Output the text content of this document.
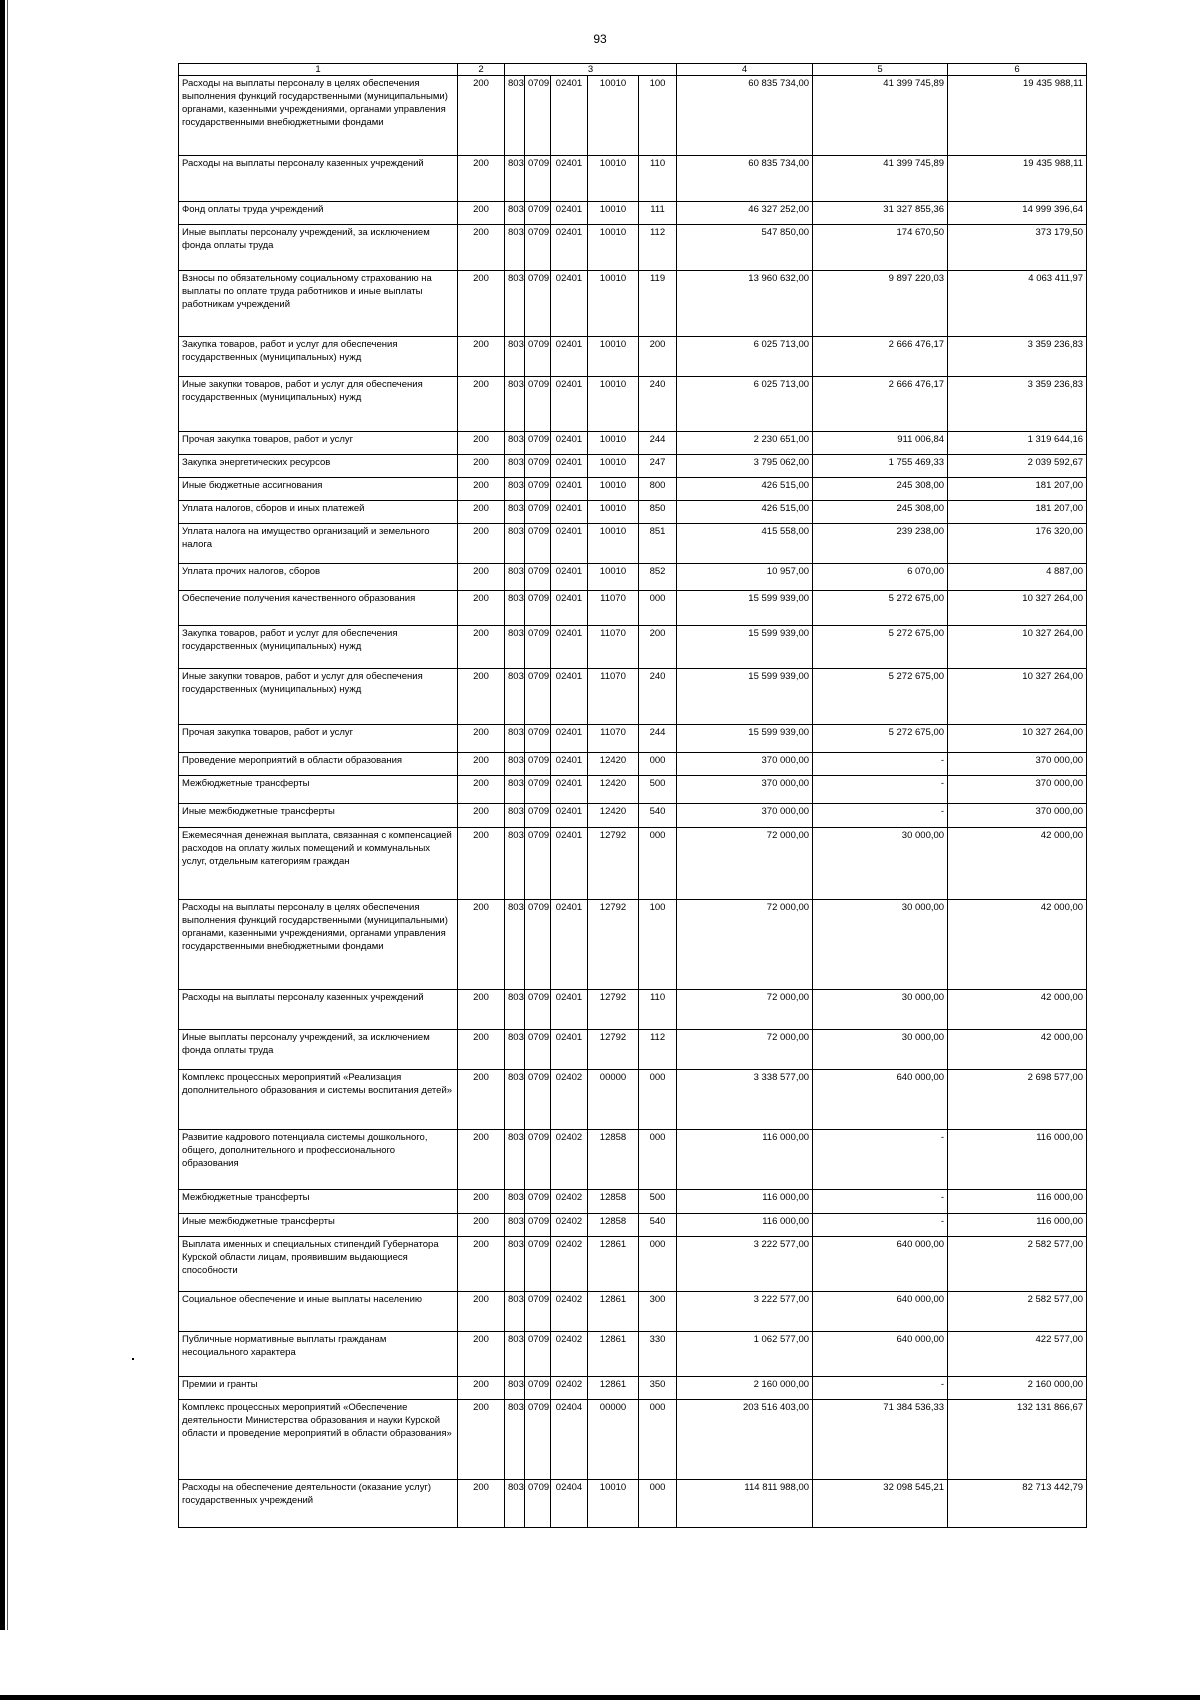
93
1	2	3					4	5	6
Расходы на выплаты персоналу в целях обеспечения выполнения функций государственными (муниципальными) органами, казенными учреждениями, органами управления государственными внебюджетными фондами	200	803	0709	02401	10010	100	60 835 734,00	41 399 745,89	19 435 988,11
Расходы на выплаты персоналу казенных учреждений	200	803	0709	02401	10010	110	60 835 734,00	41 399 745,89	19 435 988,11
Фонд оплаты труда учреждений	200	803	0709	02401	10010	111	46 327 252,00	31 327 855,36	14 999 396,64
Иные выплаты персоналу учреждений, за исключением фонда оплаты труда	200	803	0709	02401	10010	112	547 850,00	174 670,50	373 179,50
Взносы по обязательному социальному страхованию на выплаты по оплате труда работников и иные выплаты работникам учреждений	200	803	0709	02401	10010	119	13 960 632,00	9 897 220,03	4 063 411,97
Закупка товаров, работ и услуг для обеспечения государственных (муниципальных) нужд	200	803	0709	02401	10010	200	6 025 713,00	2 666 476,17	3 359 236,83
Иные закупки товаров, работ и услуг для обеспечения государственных (муниципальных) нужд	200	803	0709	02401	10010	240	6 025 713,00	2 666 476,17	3 359 236,83
Прочая закупка товаров, работ и услуг	200	803	0709	02401	10010	244	2 230 651,00	911 006,84	1 319 644,16
Закупка энергетических ресурсов	200	803	0709	02401	10010	247	3 795 062,00	1 755 469,33	2 039 592,67
Иные бюджетные ассигнования	200	803	0709	02401	10010	800	426 515,00	245 308,00	181 207,00
Уплата налогов, сборов и иных платежей	200	803	0709	02401	10010	850	426 515,00	245 308,00	181 207,00
Уплата налога на имущество организаций и земельного налога	200	803	0709	02401	10010	851	415 558,00	239 238,00	176 320,00
Уплата прочих налогов, сборов	200	803	0709	02401	10010	852	10 957,00	6 070,00	4 887,00
Обеспечение получения качественного образования	200	803	0709	02401	11070	000	15 599 939,00	5 272 675,00	10 327 264,00
Закупка товаров, работ и услуг для обеспечения государственных (муниципальных) нужд	200	803	0709	02401	11070	200	15 599 939,00	5 272 675,00	10 327 264,00
Иные закупки товаров, работ и услуг для обеспечения государственных (муниципальных) нужд	200	803	0709	02401	11070	240	15 599 939,00	5 272 675,00	10 327 264,00
Прочая закупка товаров, работ и услуг	200	803	0709	02401	11070	244	15 599 939,00	5 272 675,00	10 327 264,00
Проведение мероприятий в области образования	200	803	0709	02401	12420	000	370 000,00	-	370 000,00
Межбюджетные трансферты	200	803	0709	02401	12420	500	370 000,00	-	370 000,00
Иные межбюджетные трансферты	200	803	0709	02401	12420	540	370 000,00	-	370 000,00
Ежемесячная денежная выплата, связанная с компенсацией расходов на оплату жилых помещений и коммунальных услуг, отдельным категориям граждан	200	803	0709	02401	12792	000	72 000,00	30 000,00	42 000,00
Расходы на выплаты персоналу в целях обеспечения выполнения функций государственными (муниципальными) органами, казенными учреждениями, органами управления государственными внебюджетными фондами	200	803	0709	02401	12792	100	72 000,00	30 000,00	42 000,00
Расходы на выплаты персоналу казенных учреждений	200	803	0709	02401	12792	110	72 000,00	30 000,00	42 000,00
Иные выплаты персоналу учреждений, за исключением фонда оплаты труда	200	803	0709	02401	12792	112	72 000,00	30 000,00	42 000,00
Комплекс процессных мероприятий «Реализация дополнительного образования и системы воспитания детей»	200	803	0709	02402	00000	000	3 338 577,00	640 000,00	2 698 577,00
Развитие кадрового потенциала системы дошкольного, общего, дополнительного и профессионального образования	200	803	0709	02402	12858	000	116 000,00	-	116 000,00
Межбюджетные трансферты	200	803	0709	02402	12858	500	116 000,00	-	116 000,00
Иные межбюджетные трансферты	200	803	0709	02402	12858	540	116 000,00	-	116 000,00
Выплата именных и специальных стипендий Губернатора Курской области лицам, проявившим выдающиеся способности	200	803	0709	02402	12861	000	3 222 577,00	640 000,00	2 582 577,00
Социальное обеспечение и иные выплаты населению	200	803	0709	02402	12861	300	3 222 577,00	640 000,00	2 582 577,00
Публичные нормативные выплаты гражданам несоциального характера	200	803	0709	02402	12861	330	1 062 577,00	640 000,00	422 577,00
Премии и гранты	200	803	0709	02402	12861	350	2 160 000,00	-	2 160 000,00
Комплекс процессных мероприятий «Обеспечение деятельности Министерства образования и науки Курской области и проведение мероприятий в области образования»	200	803	0709	02404	00000	000	203 516 403,00	71 384 536,33	132 131 866,67
Расходы на обеспечение деятельности (оказание услуг) государственных учреждений	200	803	0709	02404	10010	000	114 811 988,00	32 098 545,21	82 713 442,79
